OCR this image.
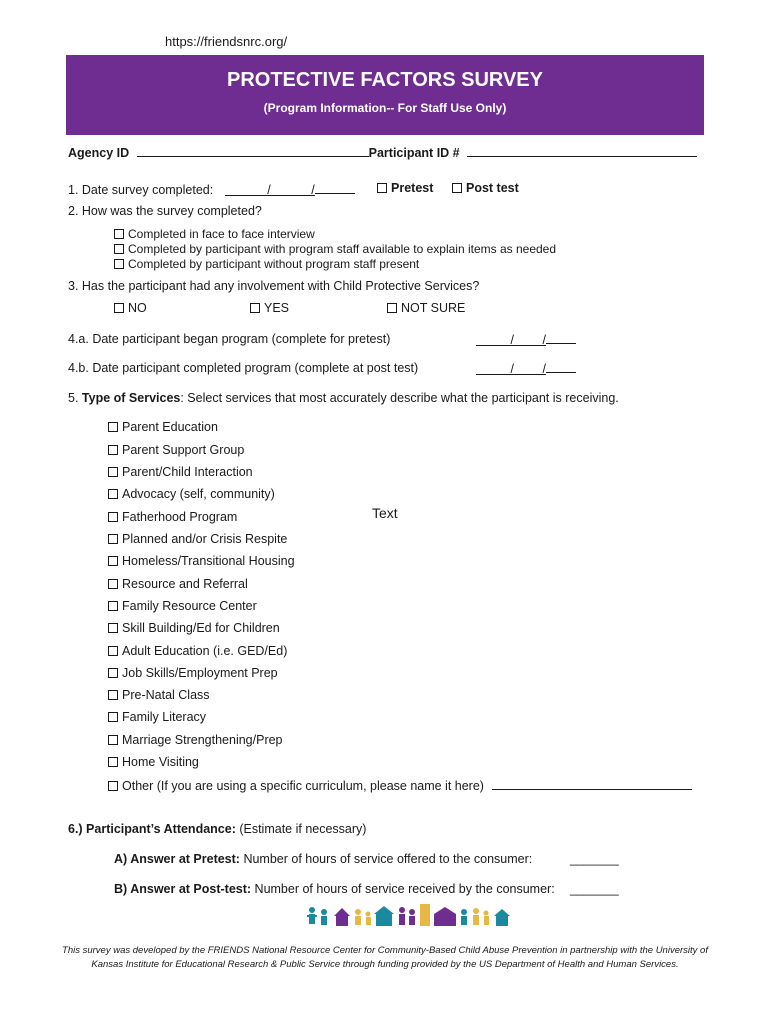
https://friendsnrc.org/
PROTECTIVE FACTORS SURVEY
(Program Information-- For Staff Use Only)
Agency ID	Participant ID #
1. Date survey completed:	/	/	Pretest	Post test
2. How was the survey completed?
Completed in face to face interview
Completed by participant with program staff available to explain items as needed
Completed by participant without program staff present
3. Has the participant had any involvement with Child Protective Services?
NO	YES	NOT SURE
4.a. Date participant began program (complete for pretest)	/ /
4.b. Date participant completed program (complete at post test)	/ /
5. Type of Services: Select services that most accurately describe what the participant is receiving.
Parent Education
Parent Support Group
Parent/Child Interaction
Advocacy (self, community)
Fatherhood Program
Planned and/or Crisis Respite
Homeless/Transitional Housing
Resource and Referral
Family Resource Center
Skill Building/Ed for Children
Adult Education (i.e. GED/Ed)
Job Skills/Employment Prep
Pre-Natal Class
Family Literacy
Marriage Strengthening/Prep
Home Visiting
Other (If you are using a specific curriculum, please name it here)
Text
6.) Participant’s Attendance: (Estimate if necessary)
A) Answer at Pretest: Number of hours of service offered to the consumer:	_______
B) Answer at Post-test: Number of hours of service received by the consumer: _______
This survey was developed by the FRIENDS National Resource Center for Community-Based Child Abuse Prevention in partnership with the University of
Kansas Institute for Educational Research & Public Service through funding provided by the US Department of Health and Human Services.
